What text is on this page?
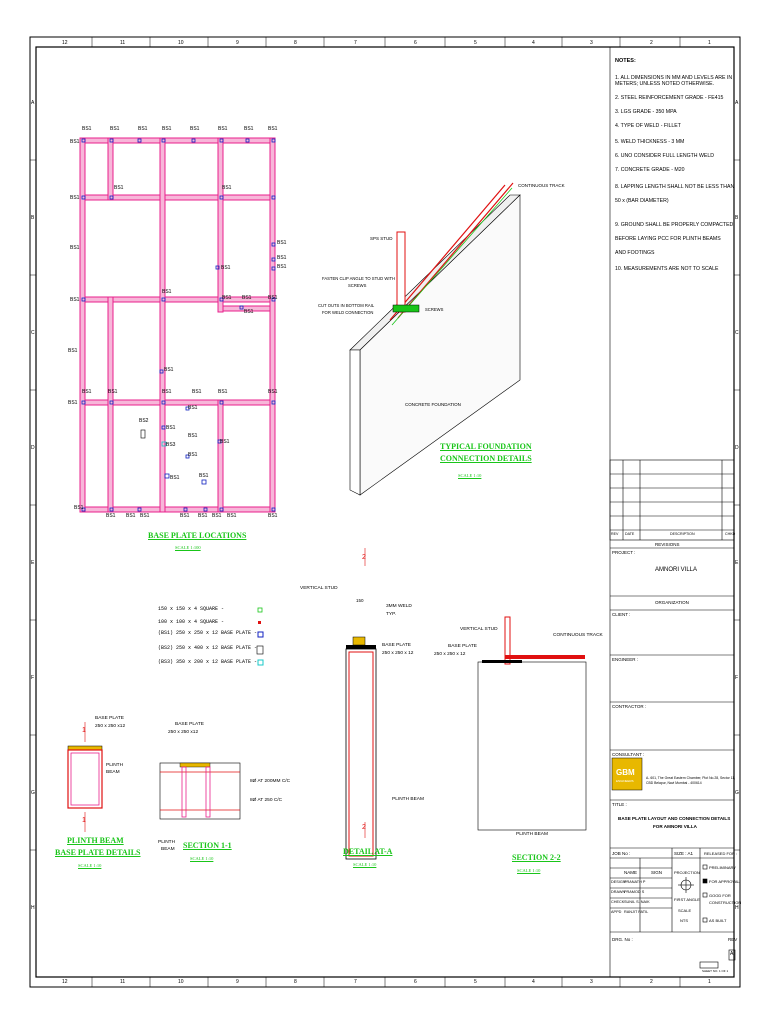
NOTES:
1. ALL DIMENSIONS IN MM AND LEVELS ARE IN
METERS; UNLESS NOTED OTHERWISE.
2. STEEL REINFORCEMENT GRADE - FE415
3. LGS GRADE - 350 MPA
4. TYPE OF WELD - FILLET
5. WELD THICKNESS - 3 MM
6. UNO CONSIDER FULL LENGTH WELD
7. CONCRETE GRADE - M20
8. LAPPING LENGTH SHALL NOT BE LESS THAN
50 x (BAR DIAMETER)
9. GROUND SHALL BE PROPERLY COMPACTED
BEFORE LAYING PCC FOR PLINTH BEAMS
AND FOOTINGS
10. MEASUREMENTS ARE NOT TO SCALE
BS1	BS1	BS1	BS1	BS1	BS1	BS1	BS1
BS1
BS1	BS1
BS1
BS1
BS1
BS1
BS1
BS1
BS1
BS1
BS1 BS1	BS1
BS1
BS1
BS1
BS1	BS1	BS1	BS1	BS1	BS1
BS1
BS1
BS2
BS1
BS1
BS1
BS3
BS1
BS1	BS1
BS1
BS1 BS1 BS1	BS1 BS1 BS1 BS1	BS1
BASE PLATE LOCATIONS
SCALE 1:100
CONTINUOUS TRACK
SPS STUD
FASTEN CLIP ANGLE TO STUD WITH
SCREWS
CUT OUTS IN BOTTOM RAIL
FOR WELD CONNECTION
SCREWS
CONCRETE FOUNDATION
TYPICAL FOUNDATION
CONNECTION DETAILS
SCALE 1:10
150 x 150 x 4 SQUARE -
100 x 100 x 4 SQUARE -
(BS1) 250 x 250 x 12 BASE PLATE -
(BS2) 250 x 400 x 12 BASE PLATE -
(BS3) 350 x 200 x 12 BASE PLATE -
BASE PLATE
250 x 250 x12
PLINTH
BEAM
1
1
PLINTH BEAM
BASE PLATE DETAILS
SCALE 1:10
BASE PLATE
250 x 250 x12
8Ø AT 200MM C/C
8Ø AT 250 C/C
PLINTH
BEAM SECTION 1-1
SCALE 1:10
VERTICAL STUD
150
3MM WELD
TYP.
BASE PLATE
250 x 250 x 12
PLINTH BEAM
2
2
DETAIL AT-A
SCALE 1:10
VERTICAL STUD
CONTINUOUS TRACK
BASE PLATE
250 x 250 x 12
PLINTH BEAM
SECTION 2-2
SCALE 1:10
REV DATE	DESCRIPTION	CHKD
REVISIONS
PROJECT :
AMNORI VILLA
ORGANIZATION
CLIENT :
ENGINEER :
CONTRACTOR :
CONSULTANT :
GBM
ENGINEERS
A- 601, The Great Eastern Chamber, Plot No.28, Sector 11,
CBD Belapur, Navi Mumbai - 400614
TITLE :
BASE PLATE LAYOUT AND CONNECTION DETAILS
FOR AMNORI VILLA
JOB No :	SIZE : A1	RELEASED FOR :
NAME	SIGN	PROJECTION
FIRST ANGLE
SCALE
NTS
DESIGN
PRANATH P
DRAWN
PRAMOD S
CHECK SUNIL S. NAIK
APPD RANJIT PATIL
PRELIMINARY
FOR APPROVAL
GOOD FOR
CONSTRUCTION
AS BUILT
DRG. No :	REV
A
SHEET NO. 1 OF 1
12	11	10	9	8	7	6	5	4	3	2	1
12	11	10	9	8	7	6	5	4	3	2	1
A	A
B	B
C	C
D	D
E	E
F	F
G	G
H	H
